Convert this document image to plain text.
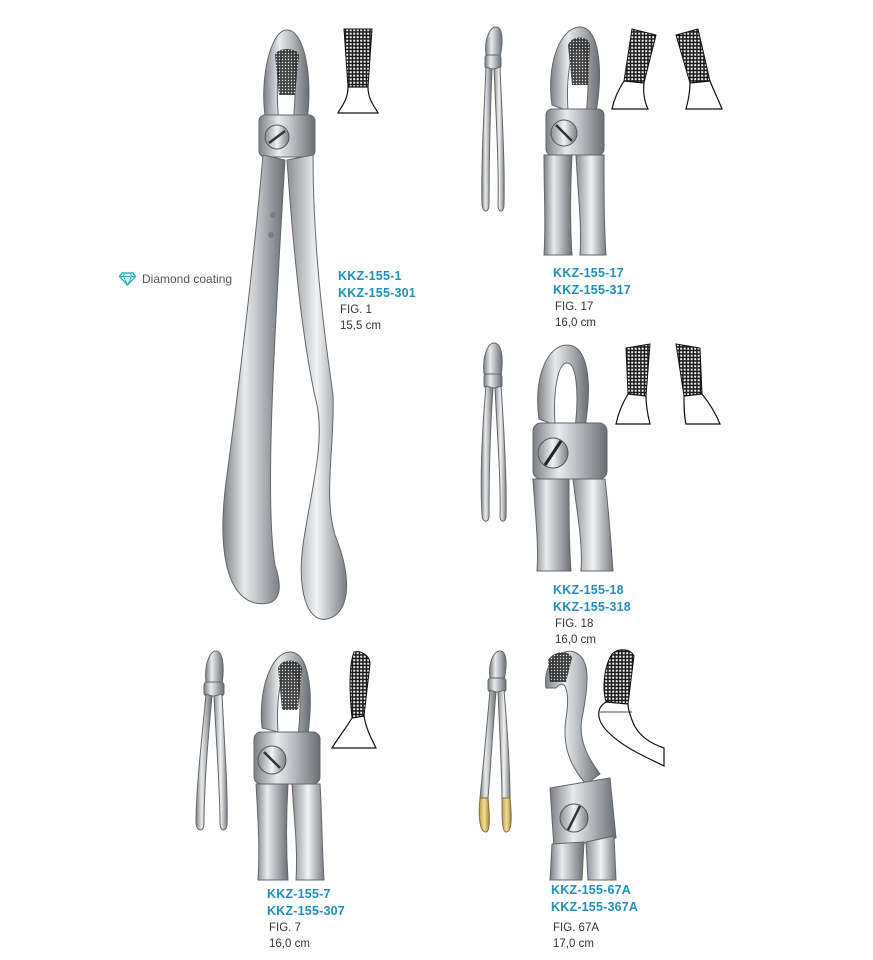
Diamond coating	KKZ-155-1
KKZ-155-301
FIG. 1
15,5 cm
KKZ-155-17
KKZ-155-317
FIG. 17
16,0 cm
KKZ-155-18
KKZ-155-318
FIG. 18
16,0 cm
KKZ-155-7
KKZ-155-307
FIG. 7
16,0 cm
KKZ-155-67A
KKZ-155-367A
FIG. 67A
17,0 cm
